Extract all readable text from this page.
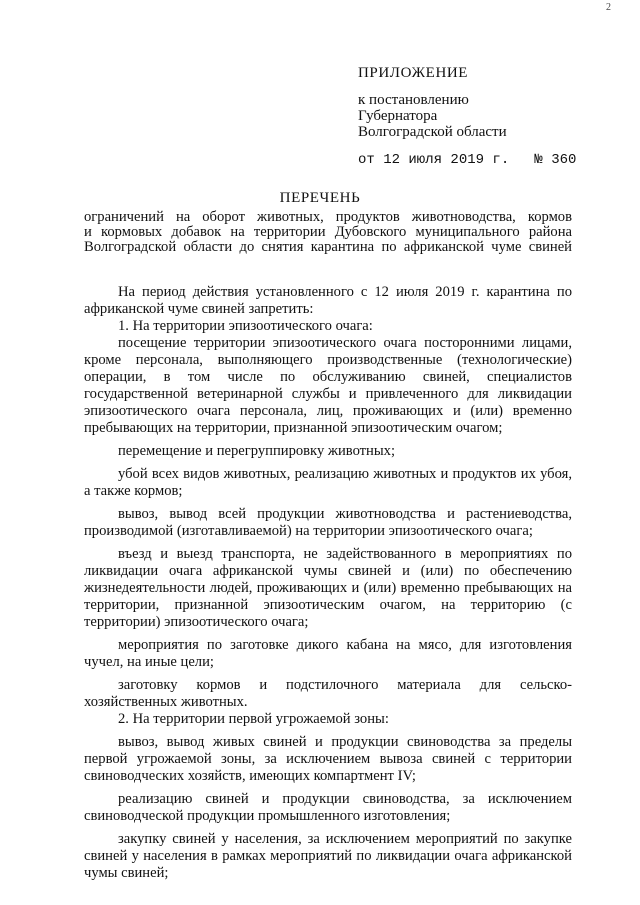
2
ПРИЛОЖЕНИЕ
к постановлению
Губернатора
Волгоградской области
от 12 июля 2019 г.   № 360
ПЕРЕЧЕНЬ
ограничений на оборот животных, продуктов животноводства, кормов
и кормовых добавок на территории Дубовского муниципального района
Волгоградской области до снятия карантина по африканской чуме свиней

На период действия установленного с 12 июля 2019 г. карантина по африканской чуме свиней запретить:

1. На территории эпизоотического очага:

посещение территории эпизоотического очага посторонними лицами, кроме персонала, выполняющего производственные (технологические) операции, в том числе по обслуживанию свиней, специалистов государственной ветеринарной службы и привлеченного для ликвидации эпизоотического очага персонала, лиц, проживающих и (или) временно пребывающих на территории, признанной эпизоотическим очагом;

перемещение и перегруппировку животных;

убой всех видов животных, реализацию животных и продуктов их убоя, а также кормов;

вывоз, вывод всей продукции животноводства и растениеводства, производимой (изготавливаемой) на территории эпизоотического очага;

въезд и выезд транспорта, не задействованного в мероприятиях по ликвидации очага африканской чумы свиней и (или) по обеспечению жизнедеятельности людей, проживающих и (или) временно пребывающих на территории, признанной эпизоотическим очагом, на территорию (с территории) эпизоотического очага;

мероприятия по заготовке дикого кабана на мясо, для изготовления чучел, на иные цели;

заготовку кормов и подстилочного материала для сельско-хозяйственных животных.

2. На территории первой угрожаемой зоны:

вывоз, вывод живых свиней и продукции свиноводства за пределы первой угрожаемой зоны, за исключением вывоза свиней с территории свиноводческих хозяйств, имеющих компартмент IV;

реализацию свиней и продукции свиноводства, за исключением свиноводческой продукции промышленного изготовления;

закупку свиней у населения, за исключением мероприятий по закупке свиней у населения в рамках мероприятий по ликвидации очага африканской чумы свиней;
